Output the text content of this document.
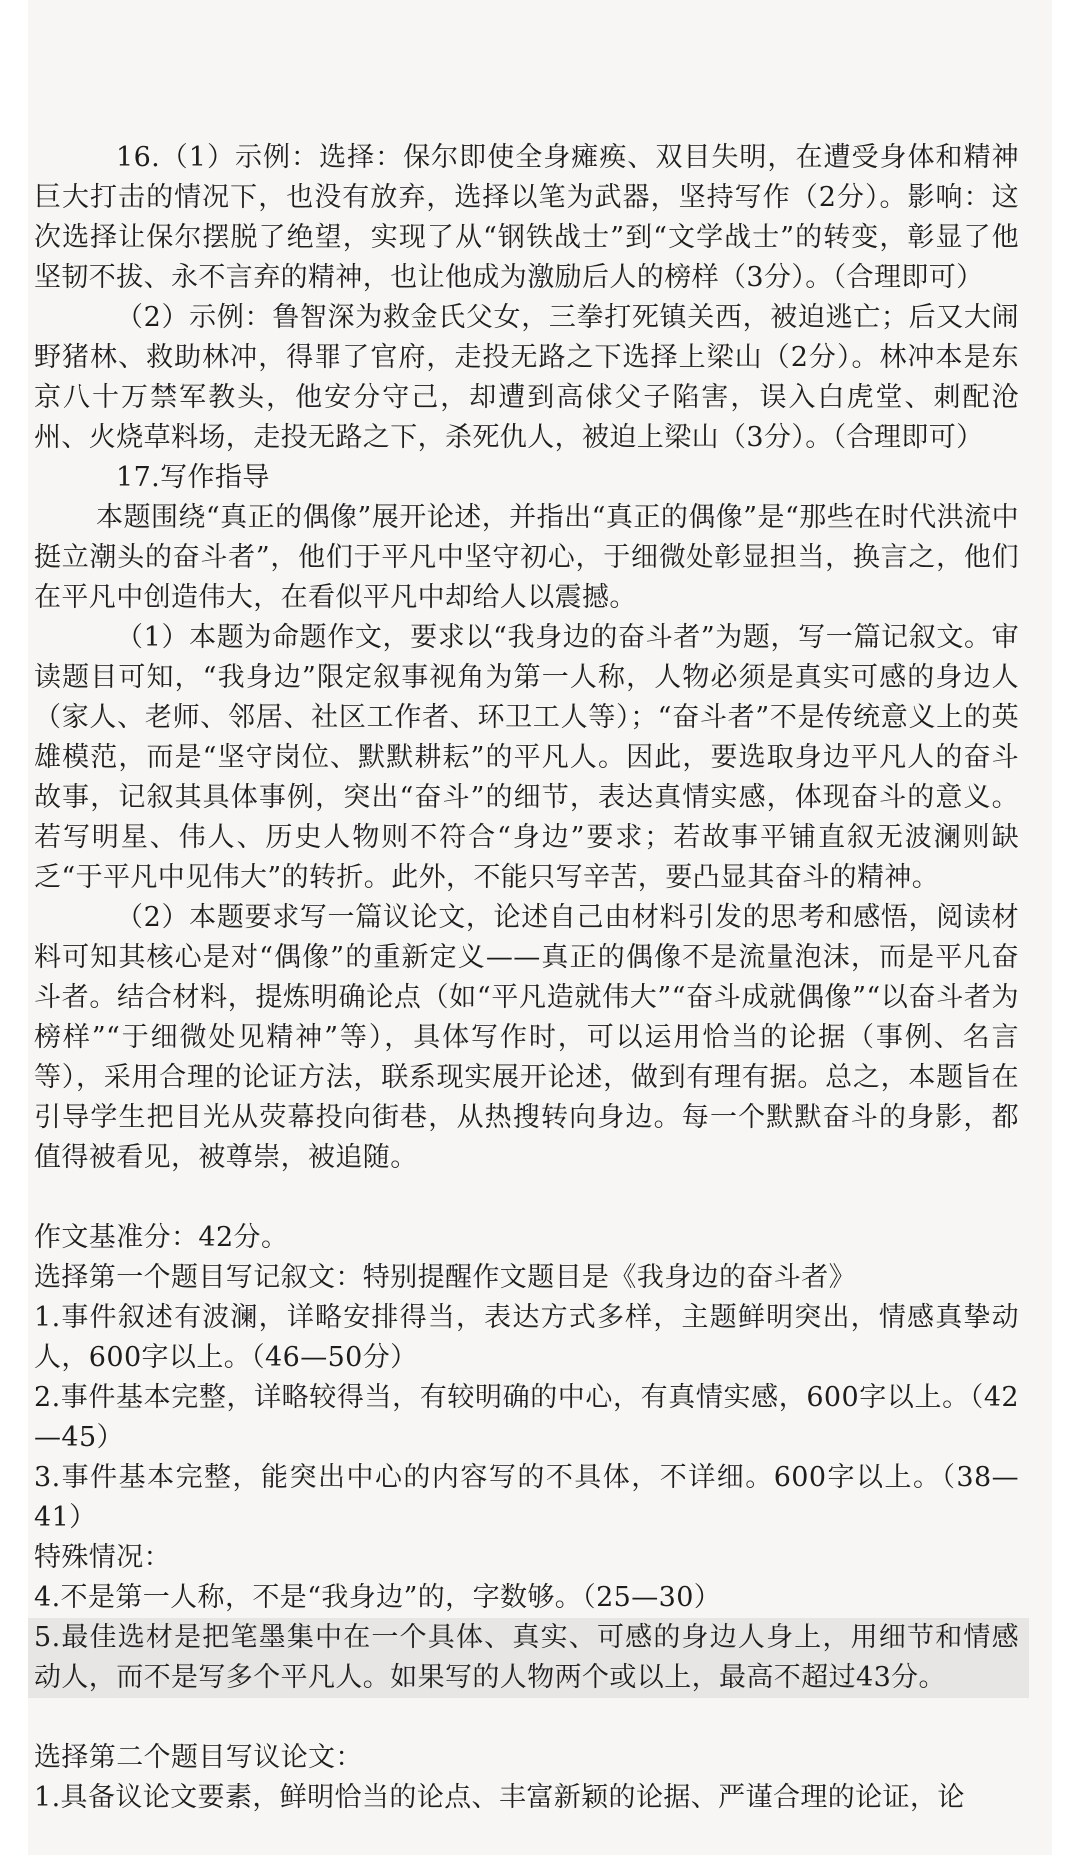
16.（1）示例：选择：保尔即使全身瘫痪、双目失明，在遭受身体和精神巨大打击的情况下，也没有放弃，选择以笔为武器，坚持写作（2分）。影响：这次选择让保尔摆脱了绝望，实现了从“钢铁战士”到“文学战士”的转变，彰显了他坚韧不拔、永不言弃的精神，也让他成为激励后人的榜样（3分）。（合理即可）

（2）示例：鲁智深为救金氏父女，三拳打死镇关西，被迫逃亡；后又大闹野猪林、救助林冲，得罪了官府，走投无路之下选择上梁山（2分）。林冲本是东京八十万禁军教头，他安分守己，却遭到高俅父子陷害，误入白虎堂、刺配沧州、火烧草料场，走投无路之下，杀死仇人，被迫上梁山（3分）。（合理即可）

17.写作指导

本题围绕“真正的偶像”展开论述，并指出“真正的偶像”是“那些在时代洪流中挺立潮头的奋斗者”，他们于平凡中坚守初心，于细微处彰显担当，换言之，他们在平凡中创造伟大，在看似平凡中却给人以震撼。

（1）本题为命题作文，要求以“我身边的奋斗者”为题，写一篇记叙文。审读题目可知，“我身边”限定叙事视角为第一人称，人物必须是真实可感的身边人（家人、老师、邻居、社区工作者、环卫工人等）；“奋斗者”不是传统意义上的英雄模范，而是“坚守岗位、默默耕耘”的平凡人。因此，要选取身边平凡人的奋斗故事，记叙其具体事例，突出“奋斗”的细节，表达真情实感，体现奋斗的意义。若写明星、伟人、历史人物则不符合“身边”要求；若故事平铺直叙无波澜则缺乏“于平凡中见伟大”的转折。此外，不能只写辛苦，要凸显其奋斗的精神。

（2）本题要求写一篇议论文，论述自己由材料引发的思考和感悟，阅读材料可知其核心是对“偶像”的重新定义——真正的偶像不是流量泡沫，而是平凡奋斗者。结合材料，提炼明确论点（如“平凡造就伟大”“奋斗成就偶像”“以奋斗者为榜样”“于细微处见精神”等），具体写作时，可以运用恰当的论据（事例、名言等），采用合理的论证方法，联系现实展开论述，做到有理有据。总之，本题旨在引导学生把目光从荧幕投向街巷，从热搜转向身边。每一个默默奋斗的身影，都值得被看见，被尊崇，被追随。

作文基准分：42分。

选择第一个题目写记叙文：特别提醒作文题目是《我身边的奋斗者》

1.事件叙述有波澜，详略安排得当，表达方式多样，主题鲜明突出，情感真挚动人，600字以上。（46—50分）

2.事件基本完整，详略较得当，有较明确的中心，有真情实感，600字以上。（42—45）

3.事件基本完整，能突出中心的内容写的不具体，不详细。600字以上。（38—41）

特殊情况：

4.不是第一人称，不是“我身边”的，字数够。（25—30）

5.最佳选材是把笔墨集中在一个具体、真实、可感的身边人身上，用细节和情感动人，而不是写多个平凡人。如果写的人物两个或以上，最高不超过43分。

选择第二个题目写议论文：

1.具备议论文要素，鲜明恰当的论点、丰富新颖的论据、严谨合理的论证，论
